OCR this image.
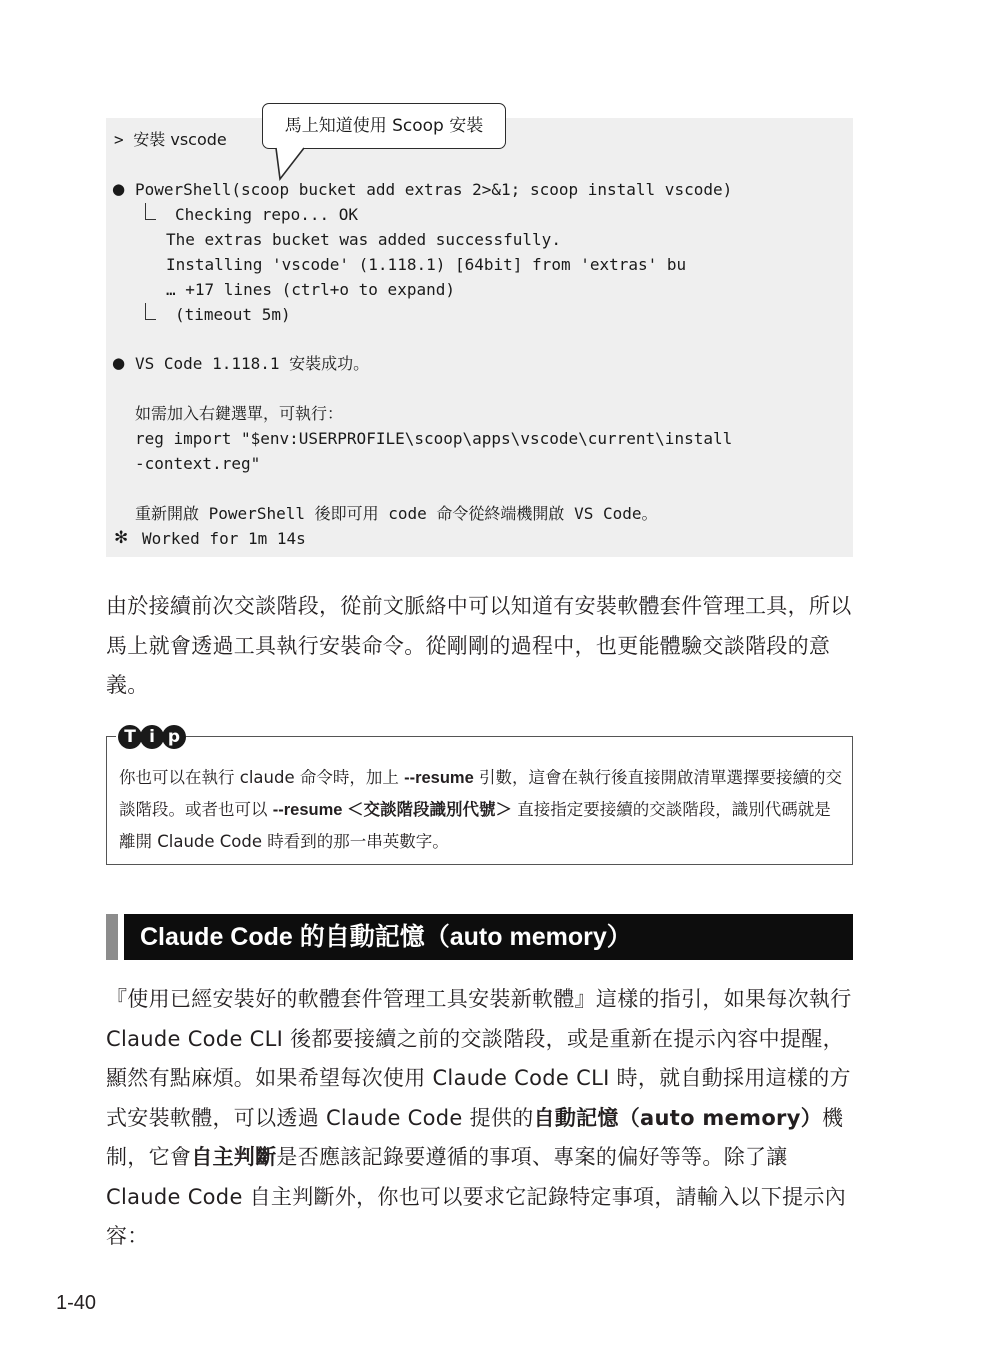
> 安裝 vscode
● PowerShell(scoop bucket add extras 2>&1; scoop install vscode)
Checking repo... OK
The extras bucket was added successfully.
Installing 'vscode' (1.118.1) [64bit] from 'extras' bu
… +17 lines (ctrl+o to expand)
(timeout 5m)
● VS Code 1.118.1 安裝成功。
如需加入右鍵選單，可執行：
reg import "$env:USERPROFILE\scoop\apps\vscode\current\install
-context.reg"
重新開啟 PowerShell 後即可用 code 命令從終端機開啟 VS Code。
✻ Worked for 1m 14s
馬上知道使用 Scoop 安裝
由於接續前次交談階段，從前文脈絡中可以知道有安裝軟體套件管理工具，所以馬上就會透過工具執行安裝命令。從剛剛的過程中，也更能體驗交談階段的意義。
T i p
你也可以在執行 claude 命令時，加上 --resume 引數，這會在執行後直接開啟清單選擇要接續的交談階段。或者也可以 --resume ＜交談階段識別代號＞ 直接指定要接續的交談階段，識別代碼就是離開 Claude Code 時看到的那一串英數字。
Claude Code 的自動記憶（auto memory）
『使用已經安裝好的軟體套件管理工具安裝新軟體』這樣的指引，如果每次執行 Claude Code CLI 後都要接續之前的交談階段，或是重新在提示內容中提醒，顯然有點麻煩。如果希望每次使用 Claude Code CLI 時，就自動採用這樣的方式安裝軟體，可以透過 Claude Code 提供的自動記憶（auto memory）機制，它會自主判斷是否應該記錄要遵循的事項、專案的偏好等等。除了讓 Claude Code 自主判斷外，你也可以要求它記錄特定事項，請輸入以下提示內容：
1-40
